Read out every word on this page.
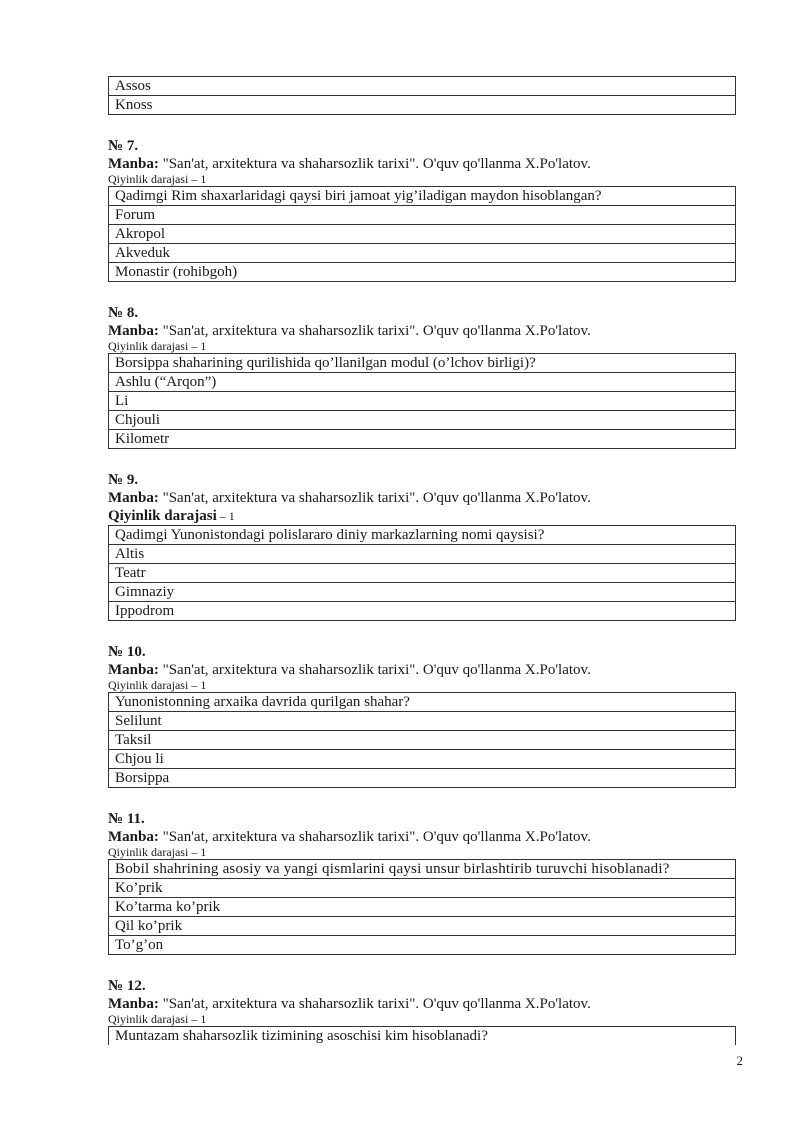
Assos
Knoss
№ 7.
Manba: "San'at, arxitektura va shaharsozlik tarixi". O'quv qo'llanma X.Po'latov.
Qiyinlik darajasi – 1
Qadimgi Rim shaxarlaridagi qaysi biri jamoat yig’iladigan maydon hisoblangan?
Forum
Akropol
Akveduk
Monastir (rohibgoh)
№ 8.
Manba: "San'at, arxitektura va shaharsozlik tarixi". O'quv qo'llanma X.Po'latov.
Qiyinlik darajasi – 1
Borsippa shaharining qurilishida qo’llanilgan modul (o’lchov birligi)?
Ashlu (“Arqon”)
Li
Chjouli
Kilometr
№ 9.
Manba: "San'at, arxitektura va shaharsozlik tarixi". O'quv qo'llanma X.Po'latov.
Qiyinlik darajasi – 1
Qadimgi Yunonistondagi polislararo diniy markazlarning nomi qaysisi?
Altis
Teatr
Gimnaziy
Ippodrom
№ 10.
Manba: "San'at, arxitektura va shaharsozlik tarixi". O'quv qo'llanma X.Po'latov.
Qiyinlik darajasi – 1
Yunonistonning arxaika davrida qurilgan shahar?
Selilunt
Taksil
Chjou li
Borsippa
№ 11.
Manba: "San'at, arxitektura va shaharsozlik tarixi". O'quv qo'llanma X.Po'latov.
Qiyinlik darajasi – 1
Bobil shahrining asosiy va yangi qismlarini qaysi unsur birlashtirib turuvchi hisoblanadi?
Ko’prik
Ko’tarma ko’prik
Qil ko’prik
To’g’on
№ 12.
Manba: "San'at, arxitektura va shaharsozlik tarixi". O'quv qo'llanma X.Po'latov.
Qiyinlik darajasi – 1
Muntazam shaharsozlik tizimining asoschisi kim hisoblanadi?
2
